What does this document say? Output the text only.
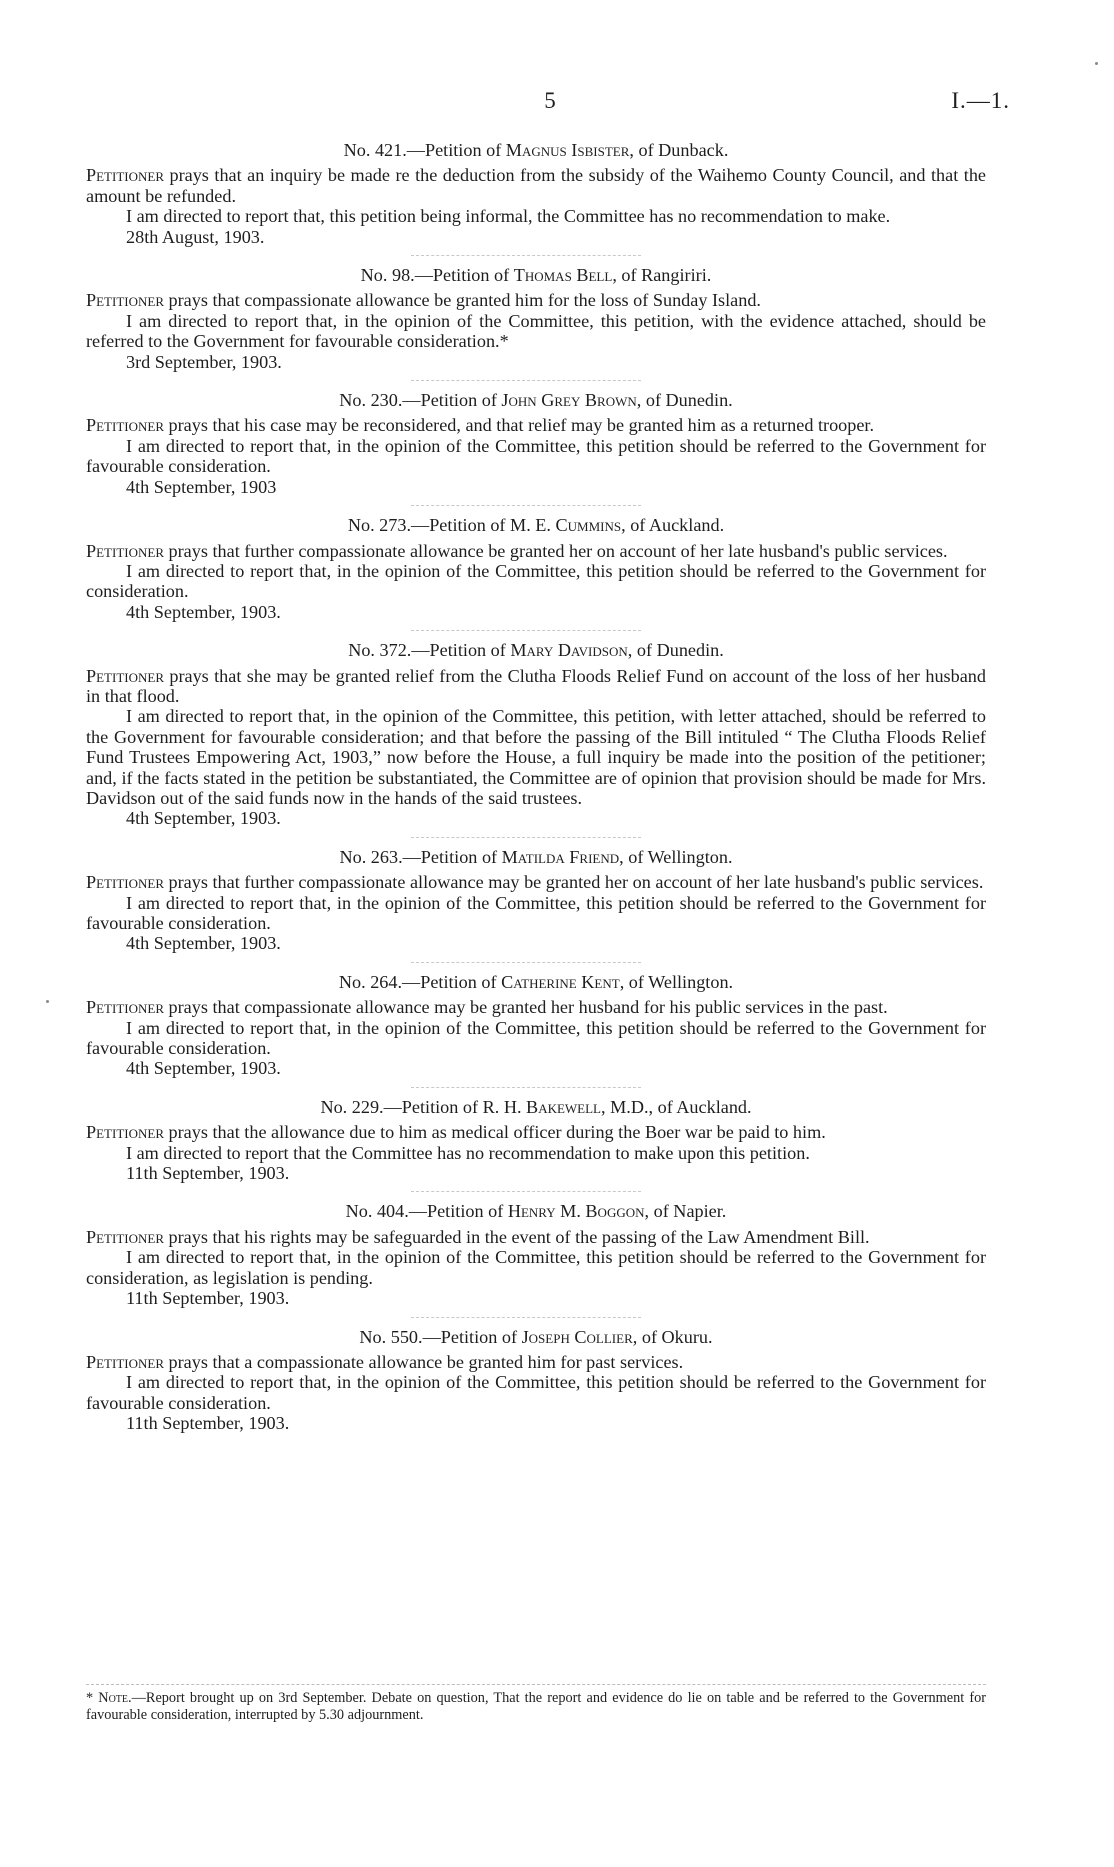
5	I.—1.
No. 421.—Petition of Magnus Isbister, of Dunback.

Petitioner prays that an inquiry be made re the deduction from the subsidy of the Waihemo County Council, and that the amount be refunded.

I am directed to report that, this petition being informal, the Committee has no recommendation to make.

28th August, 1903.

No. 98.—Petition of Thomas Bell, of Rangiriri.

Petitioner prays that compassionate allowance be granted him for the loss of Sunday Island.

I am directed to report that, in the opinion of the Committee, this petition, with the evidence attached, should be referred to the Government for favourable consideration.*

3rd September, 1903.

No. 230.—Petition of John Grey Brown, of Dunedin.

Petitioner prays that his case may be reconsidered, and that relief may be granted him as a returned trooper.

I am directed to report that, in the opinion of the Committee, this petition should be referred to the Government for favourable consideration.

4th September, 1903

No. 273.—Petition of M. E. Cummins, of Auckland.

Petitioner prays that further compassionate allowance be granted her on account of her late husband's public services.

I am directed to report that, in the opinion of the Committee, this petition should be referred to the Government for consideration.

4th September, 1903.

No. 372.—Petition of Mary Davidson, of Dunedin.

Petitioner prays that she may be granted relief from the Clutha Floods Relief Fund on account of the loss of her husband in that flood.

I am directed to report that, in the opinion of the Committee, this petition, with letter attached, should be referred to the Government for favourable consideration; and that before the passing of the Bill intituled “ The Clutha Floods Relief Fund Trustees Empowering Act, 1903,” now before the House, a full inquiry be made into the position of the petitioner; and, if the facts stated in the petition be substantiated, the Committee are of opinion that provision should be made for Mrs. Davidson out of the said funds now in the hands of the said trustees.

4th September, 1903.

No. 263.—Petition of Matilda Friend, of Wellington.

Petitioner prays that further compassionate allowance may be granted her on account of her late husband's public services.

I am directed to report that, in the opinion of the Committee, this petition should be referred to the Government for favourable consideration.

4th September, 1903.

No. 264.—Petition of Catherine Kent, of Wellington.

Petitioner prays that compassionate allowance may be granted her husband for his public services in the past.

I am directed to report that, in the opinion of the Committee, this petition should be referred to the Government for favourable consideration.

4th September, 1903.

No. 229.—Petition of R. H. Bakewell, M.D., of Auckland.

Petitioner prays that the allowance due to him as medical officer during the Boer war be paid to him.

I am directed to report that the Committee has no recommendation to make upon this petition.

11th September, 1903.

No. 404.—Petition of Henry M. Boggon, of Napier.

Petitioner prays that his rights may be safeguarded in the event of the passing of the Law Amendment Bill.

I am directed to report that, in the opinion of the Committee, this petition should be referred to the Government for consideration, as legislation is pending.

11th September, 1903.

No. 550.—Petition of Joseph Collier, of Okuru.

Petitioner prays that a compassionate allowance be granted him for past services.

I am directed to report that, in the opinion of the Committee, this petition should be referred to the Government for favourable consideration.

11th September, 1903.

* Note.—Report brought up on 3rd September. Debate on question, That the report and evidence do lie on table and be referred to the Government for favourable consideration, interrupted by 5.30 adjournment.
